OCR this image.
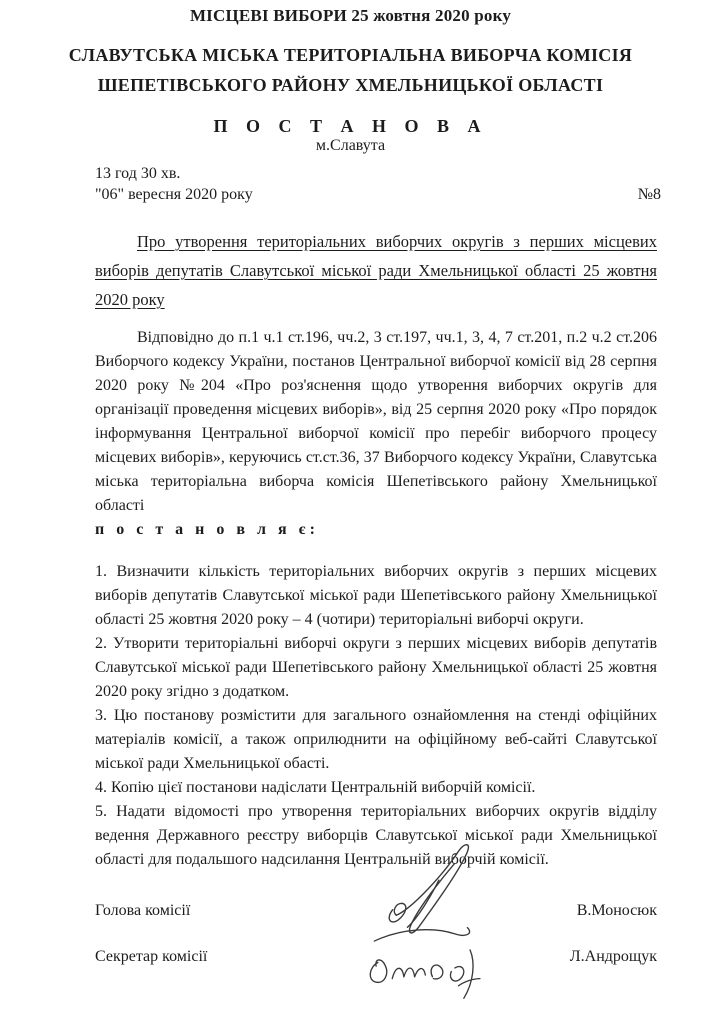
МІСЦЕВІ ВИБОРИ 25 жовтня 2020 року
СЛАВУТСЬКА МІСЬКА ТЕРИТОРІАЛЬНА ВИБОРЧА КОМІСІЯ
ШЕПЕТІВСЬКОГО РАЙОНУ ХМЕЛЬНИЦЬКОЇ ОБЛАСТІ
П О С Т А Н О В А
м.Славута
13 год 30 хв.
"06" вересня 2020 року	№8

Про утворення територіальних виборчих округів з перших місцевих виборів депутатів Славутської міської ради Хмельницької області 25 жовтня 2020 року

Відповідно до п.1 ч.1 ст.196, чч.2, 3 ст.197, чч.1, 3, 4, 7 ст.201, п.2 ч.2 ст.206 Виборчого кодексу України, постанов Центральної виборчої комісії від 28 серпня 2020 року №204 «Про роз'яснення щодо утворення виборчих округів для організації проведення місцевих виборів», від 25 серпня 2020 року «Про порядок інформування Центральної виборчої комісії про перебіг виборчого процесу місцевих виборів», керуючись ст.ст.36, 37 Виборчого кодексу України, Славутська міська територіальна виборча комісія Шепетівського району Хмельницької області

п о с т а н о в л я є:

1. Визначити кількість територіальних виборчих округів з перших місцевих виборів депутатів Славутської міської ради Шепетівського району Хмельницької області 25 жовтня 2020 року – 4 (чотири) територіальні виборчі округи.

2. Утворити територіальні виборчі округи з перших місцевих виборів депутатів Славутської міської ради Шепетівського району Хмельницької області 25 жовтня 2020 року згідно з додатком.

3. Цю постанову розмістити для загального ознайомлення на стенді офіційних матеріалів комісії, а також оприлюднити на офіційному веб-сайті Славутської міської ради Хмельницької обасті.

4. Копію цієї постанови надіслати Центральній виборчій комісії.

5. Надати відомості про утворення територіальних виборчих округів відділу ведення Державного реєстру виборців Славутської міської ради Хмельницької області для подальшого надсилання Центральній виборчій комісії.

Голова комісії	В.Моносюк
Секретар комісії	Л.Андрощук
